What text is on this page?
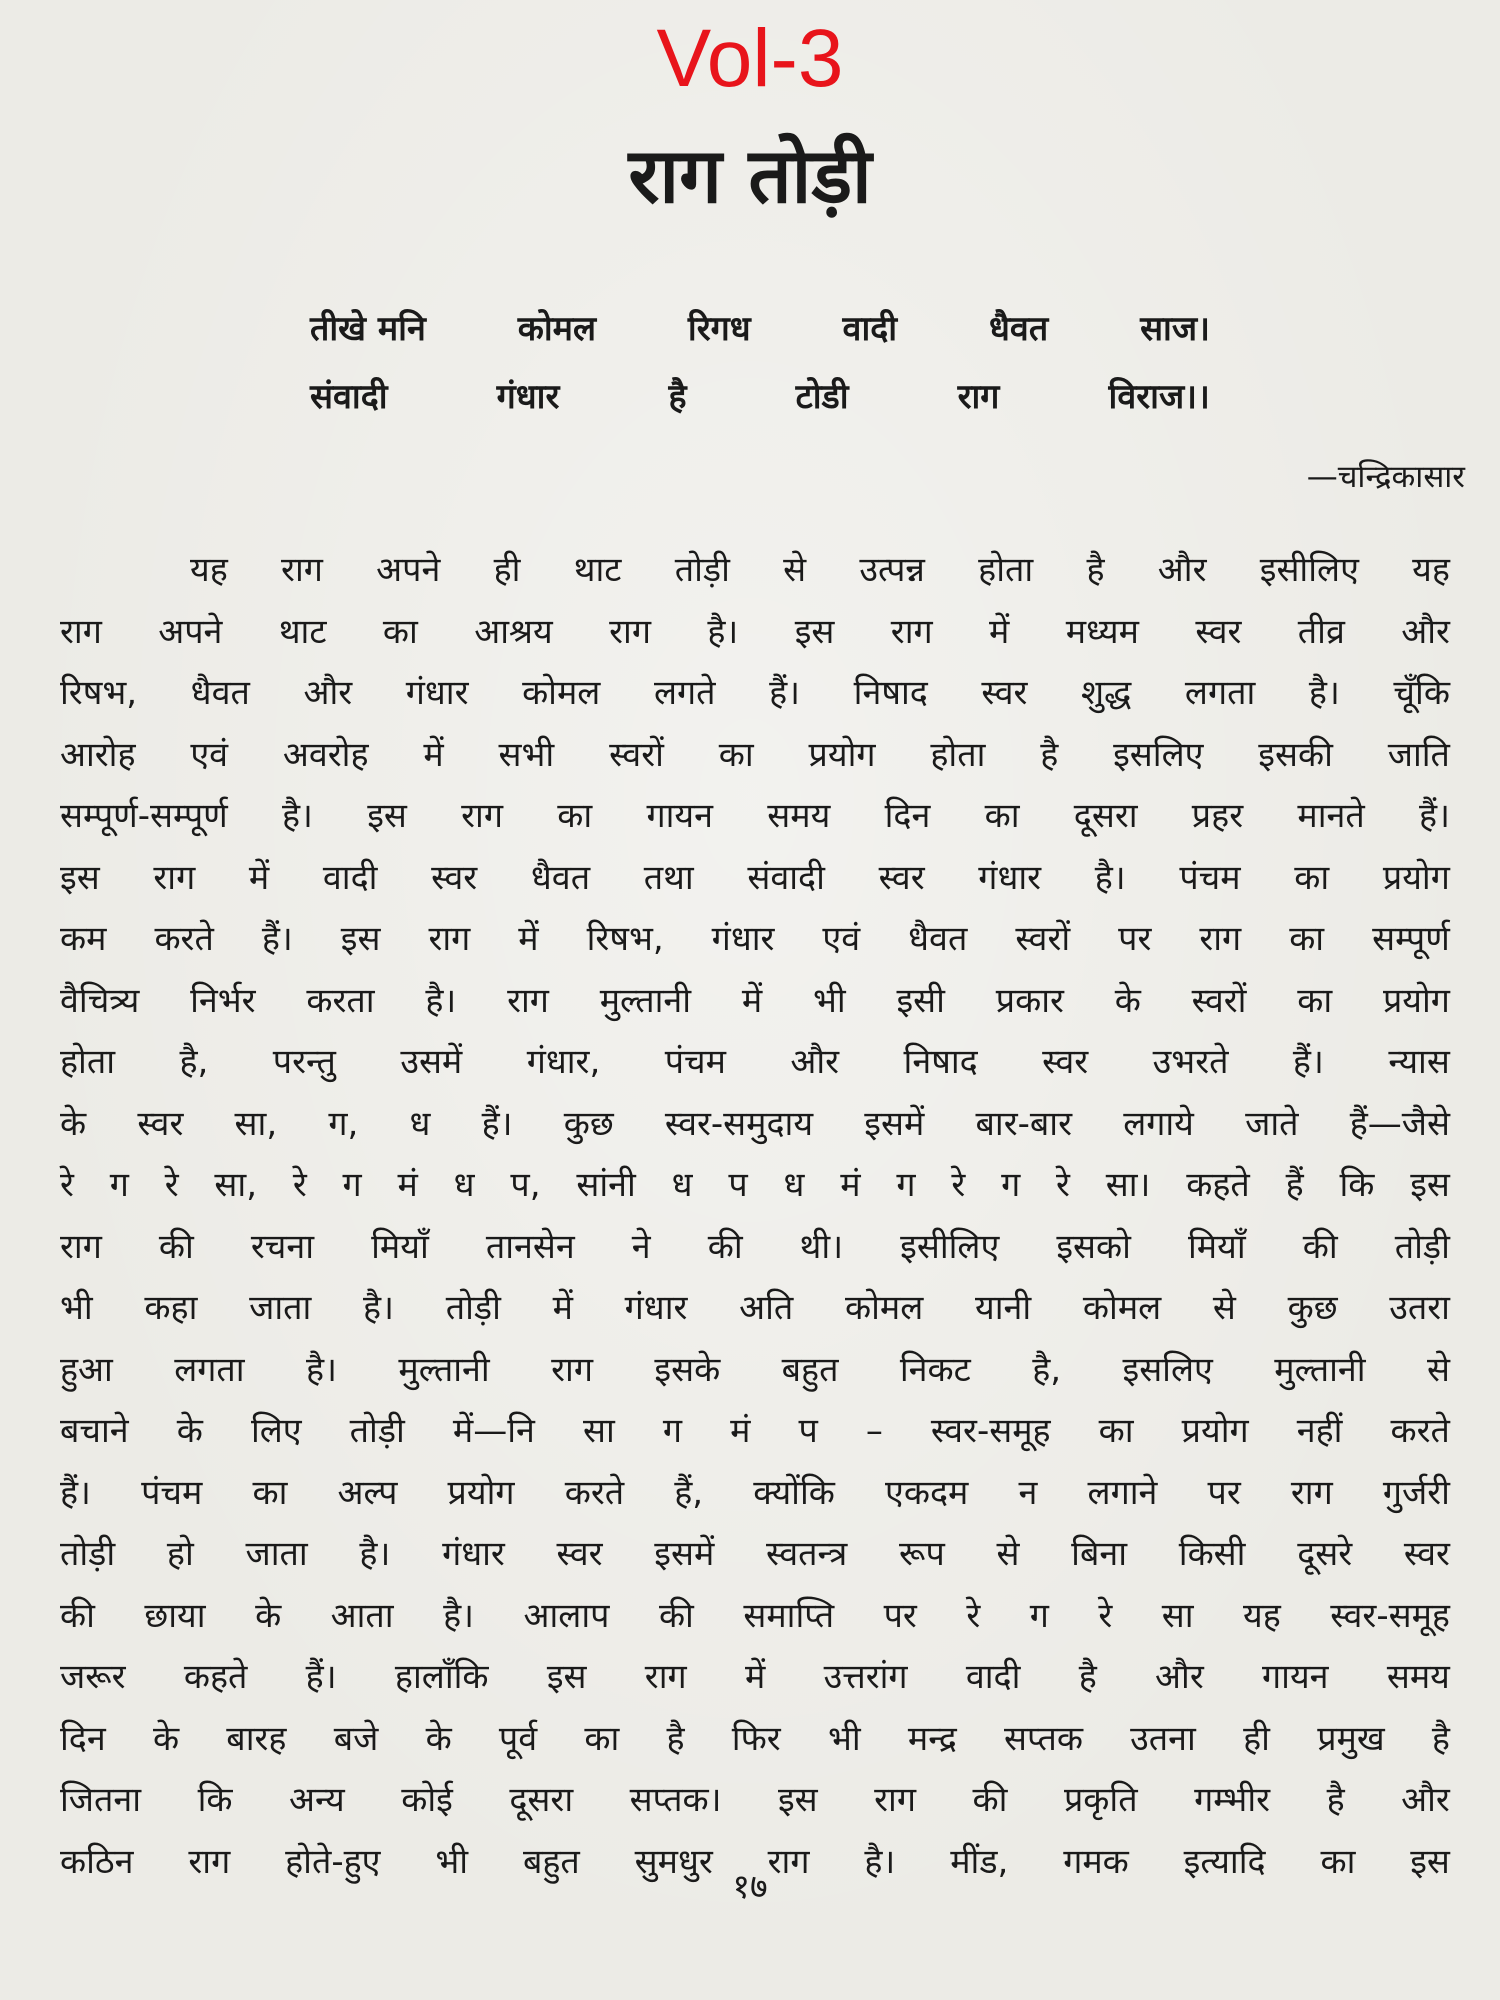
Vol-3
राग तोड़ी
तीखे मनि	कोमल	रिगध	वादी	धैवत	साज।
संवादी	गंधार	है	टोडी	राग	विराज।।
—चन्द्रिकासार
यह राग अपने ही थाट तोड़ी से उत्पन्न होता है और इसीलिए यह
राग अपने थाट का आश्रय राग है। इस राग में मध्यम स्वर तीव्र और
रिषभ, धैवत और गंधार कोमल लगते हैं। निषाद स्वर शुद्ध लगता है। चूँकि
आरोह एवं अवरोह में सभी स्वरों का प्रयोग होता है इसलिए इसकी जाति
सम्पूर्ण-सम्पूर्ण है। इस राग का गायन समय दिन का दूसरा प्रहर मानते हैं।
इस राग में वादी स्वर धैवत तथा संवादी स्वर गंधार है। पंचम का प्रयोग
कम करते हैं। इस राग में रिषभ, गंधार एवं धैवत स्वरों पर राग का सम्पूर्ण
वैचित्र्य निर्भर करता है। राग मुल्तानी में भी इसी प्रकार के स्वरों का प्रयोग
होता है, परन्तु उसमें गंधार, पंचम और निषाद स्वर उभरते हैं। न्यास
के स्वर सा, ग, ध हैं। कुछ स्वर-समुदाय इसमें बार-बार लगाये जाते हैं—जैसे
रे ग रे सा, रे ग मं ध प, सांनी ध प ध मं ग रे ग रे सा। कहते हैं कि इस
राग की रचना मियाँ तानसेन ने की थी। इसीलिए इसको मियाँ की तोड़ी
भी कहा जाता है। तोड़ी में गंधार अति कोमल यानी कोमल से कुछ उतरा
हुआ लगता है। मुल्तानी राग इसके बहुत निकट है, इसलिए मुल्तानी से
बचाने के लिए तोड़ी में—नि सा ग मं प – स्वर-समूह का प्रयोग नहीं करते
हैं। पंचम का अल्प प्रयोग करते हैं, क्योंकि एकदम न लगाने पर राग गुर्जरी
तोड़ी हो जाता है। गंधार स्वर इसमें स्वतन्त्र रूप से बिना किसी दूसरे स्वर
की छाया के आता है। आलाप की समाप्ति पर रे ग रे सा यह स्वर-समूह
जरूर कहते हैं। हालाँकि इस राग में उत्तरांग वादी है और गायन समय
दिन के बारह बजे के पूर्व का है फिर भी मन्द्र सप्तक उतना ही प्रमुख है
जितना कि अन्य कोई दूसरा सप्तक। इस राग की प्रकृति गम्भीर है और
कठिन राग होते-हुए भी बहुत सुमधुर राग है। मींड, गमक इत्यादि का इस
१७
